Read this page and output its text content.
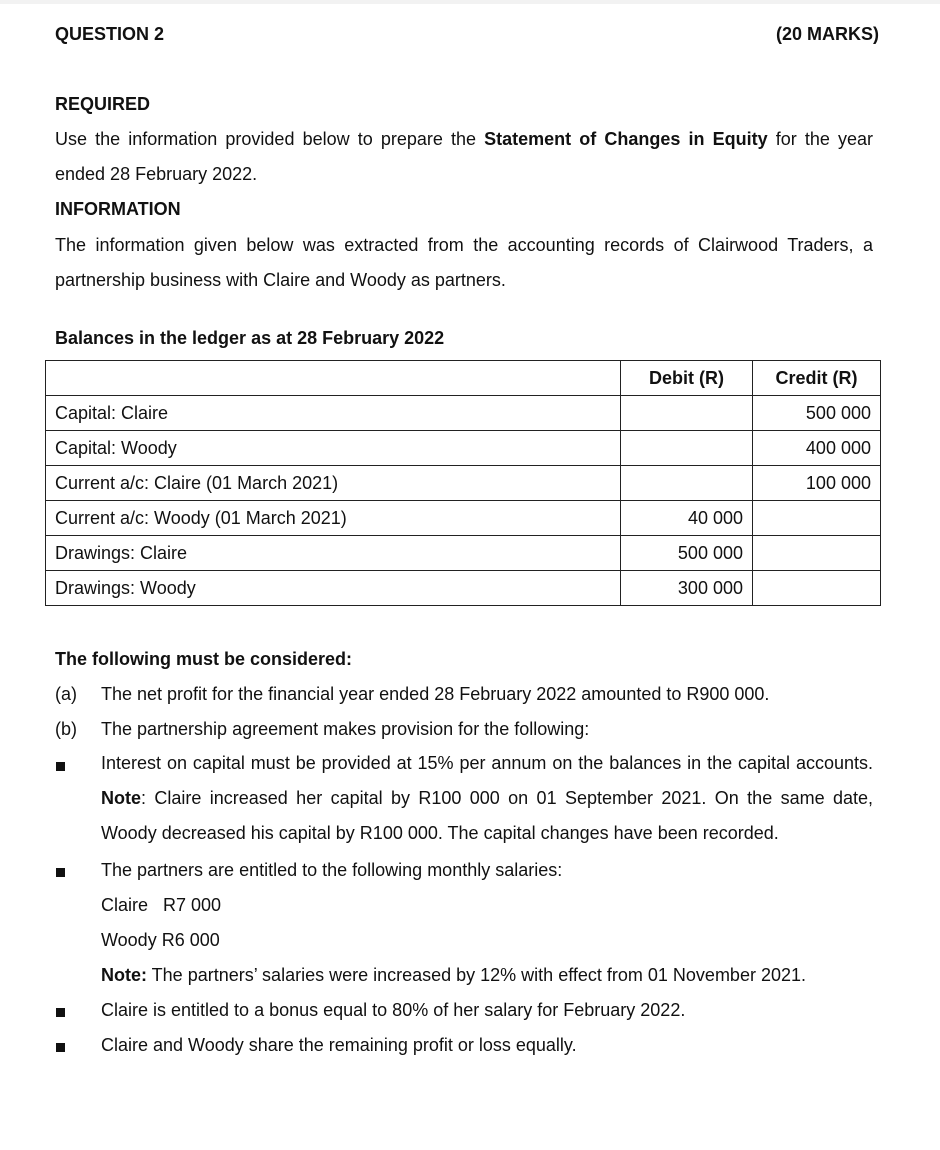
QUESTION 2	(20 MARKS)
REQUIRED
Use the information provided below to prepare the Statement of Changes in Equity for the year ended 28 February 2022.
INFORMATION
The information given below was extracted from the accounting records of Clairwood Traders, a partnership business with Claire and Woody as partners.
Balances in the ledger as at 28 February 2022
	Debit (R)	Credit (R)
Capital: Claire		500 000
Capital: Woody		400 000
Current a/c: Claire (01 March 2021)		100 000
Current a/c: Woody (01 March 2021)	40 000	
Drawings: Claire	500 000	
Drawings: Woody	300 000	
The following must be considered:
(a) The net profit for the financial year ended 28 February 2022 amounted to R900 000.
(b) The partnership agreement makes provision for the following:
Interest on capital must be provided at 15% per annum on the balances in the capital accounts. Note: Claire increased her capital by R100 000 on 01 September 2021. On the same date, Woody decreased his capital by R100 000. The capital changes have been recorded.
The partners are entitled to the following monthly salaries:
Claire   R7 000
Woody R6 000
Note: The partners’ salaries were increased by 12% with effect from 01 November 2021.
Claire is entitled to a bonus equal to 80% of her salary for February 2022.
Claire and Woody share the remaining profit or loss equally.
